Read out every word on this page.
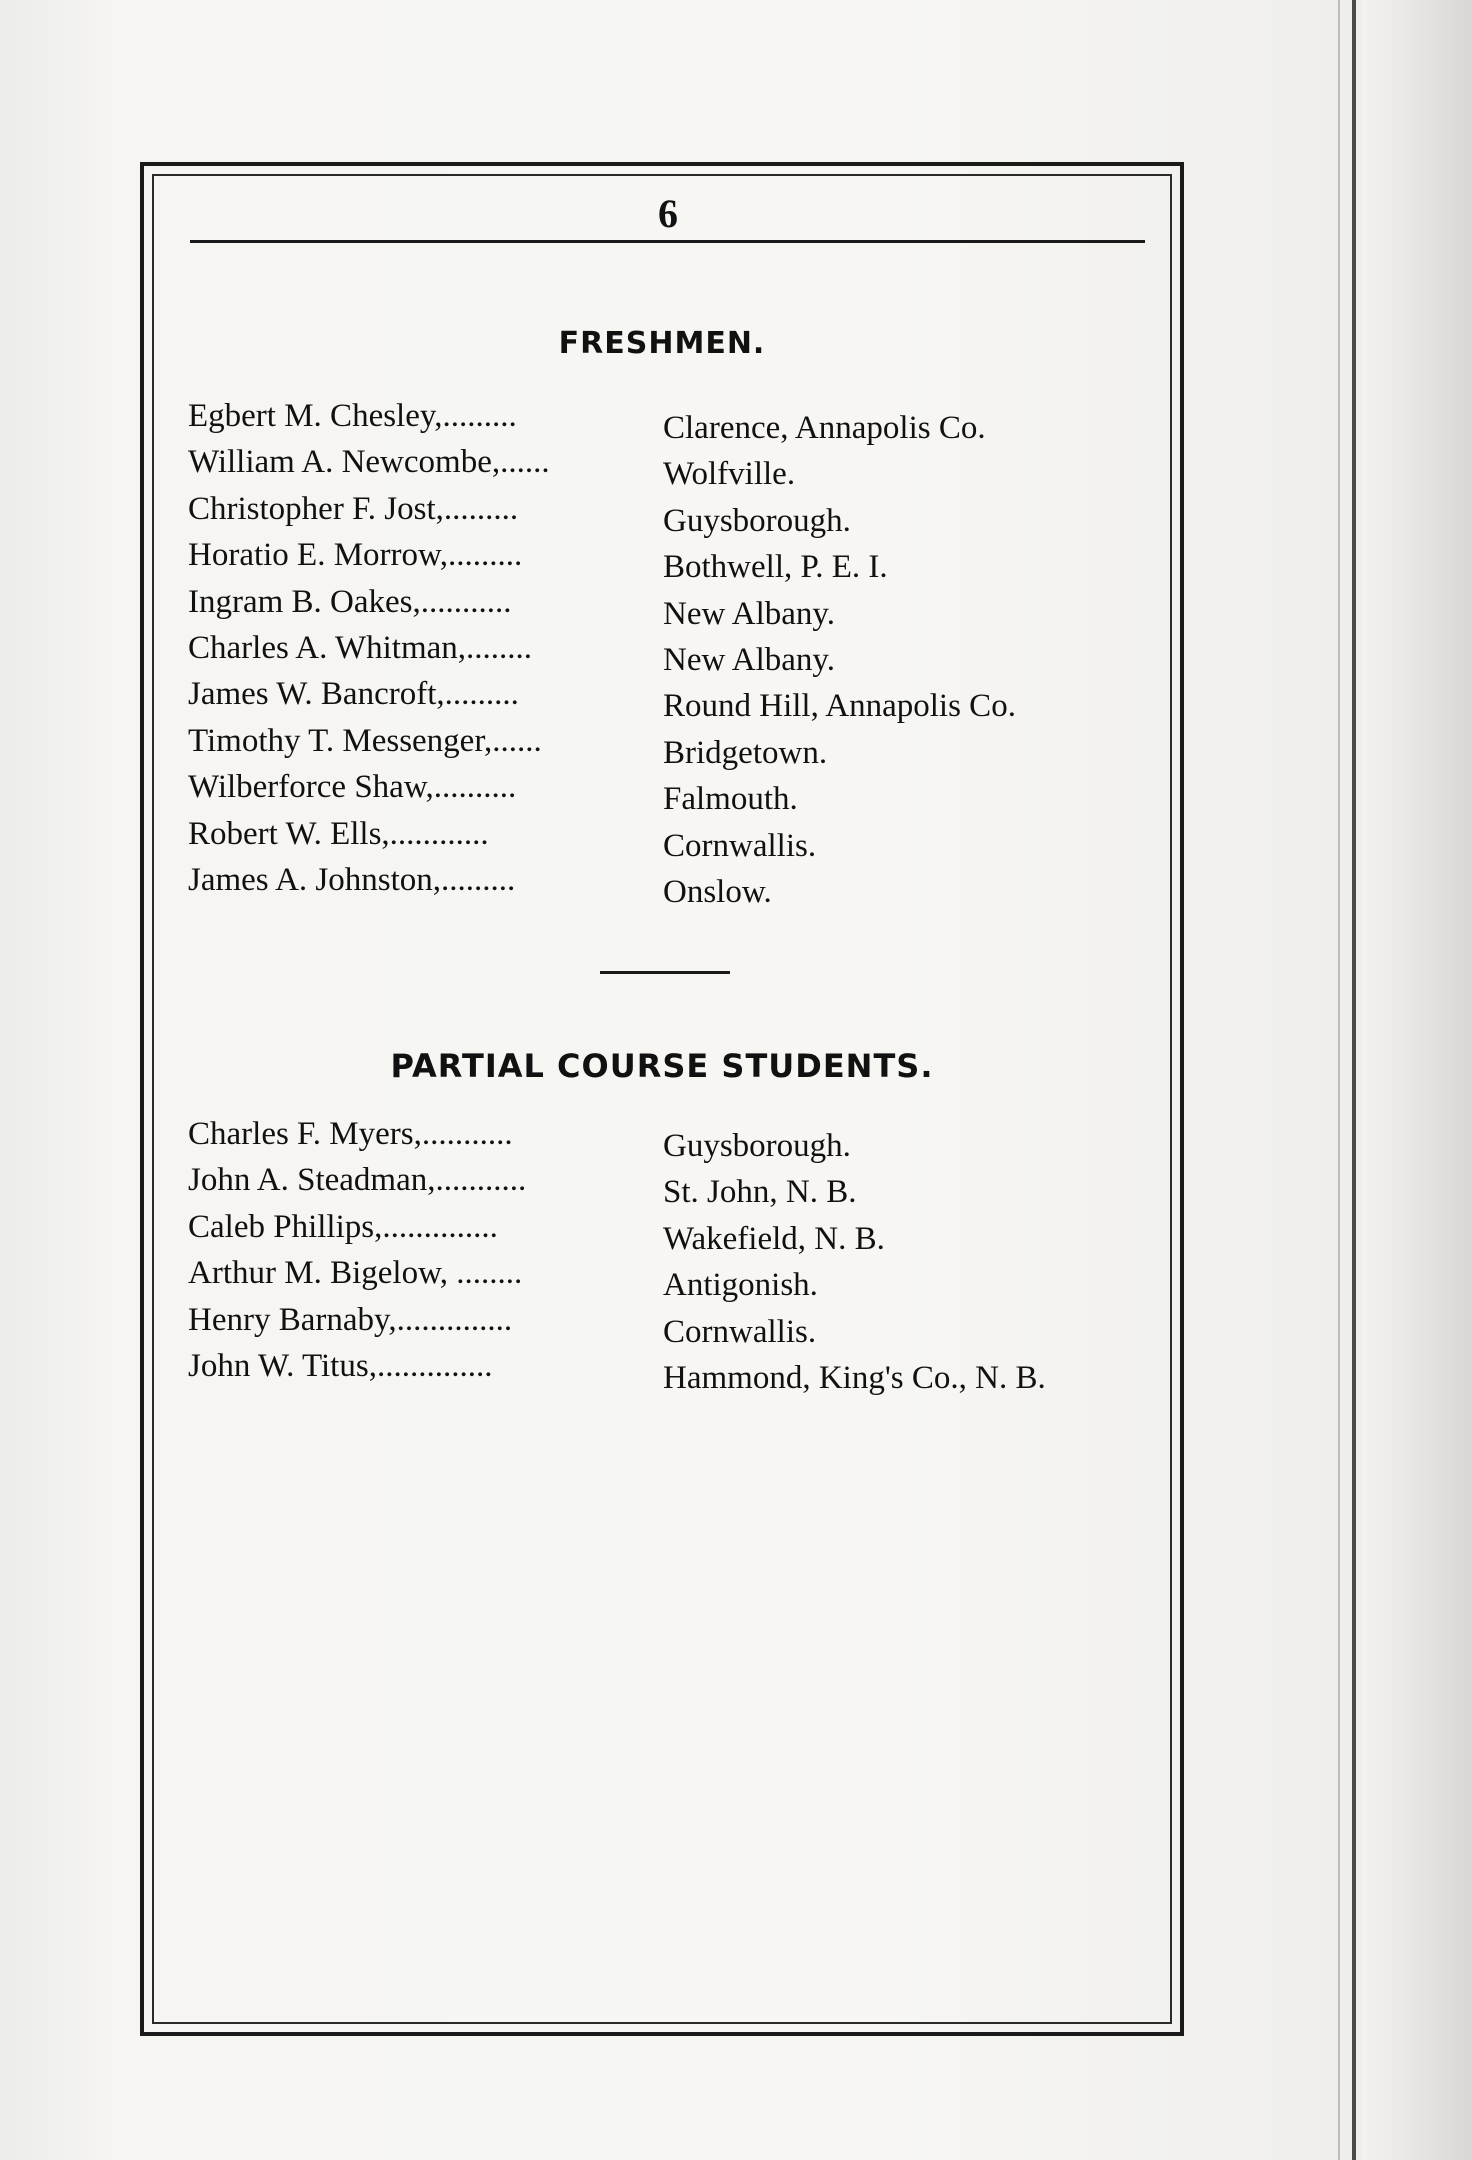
6
FRESHMEN.
Egbert M. Chesley,.........	Clarence, Annapolis Co.
William A. Newcombe,......	Wolfville.
Christopher F. Jost,.........	Guysborough.
Horatio E. Morrow,.........	Bothwell, P. E. I.
Ingram B. Oakes,...........	New Albany.
Charles A. Whitman,........	New Albany.
James W. Bancroft,.........	Round Hill, Annapolis Co.
Timothy T. Messenger,......	Bridgetown.
Wilberforce Shaw,..........	Falmouth.
Robert W. Ells,............	Cornwallis.
James A. Johnston,.........	Onslow.
PARTIAL COURSE STUDENTS.
Charles F. Myers,...........	Guysborough.
John A. Steadman,...........	St. John, N. B.
Caleb Phillips,..............	Wakefield, N. B.
Arthur M. Bigelow, ........	Antigonish.
Henry Barnaby,..............	Cornwallis.
John W. Titus,..............	Hammond, King's Co., N. B.
